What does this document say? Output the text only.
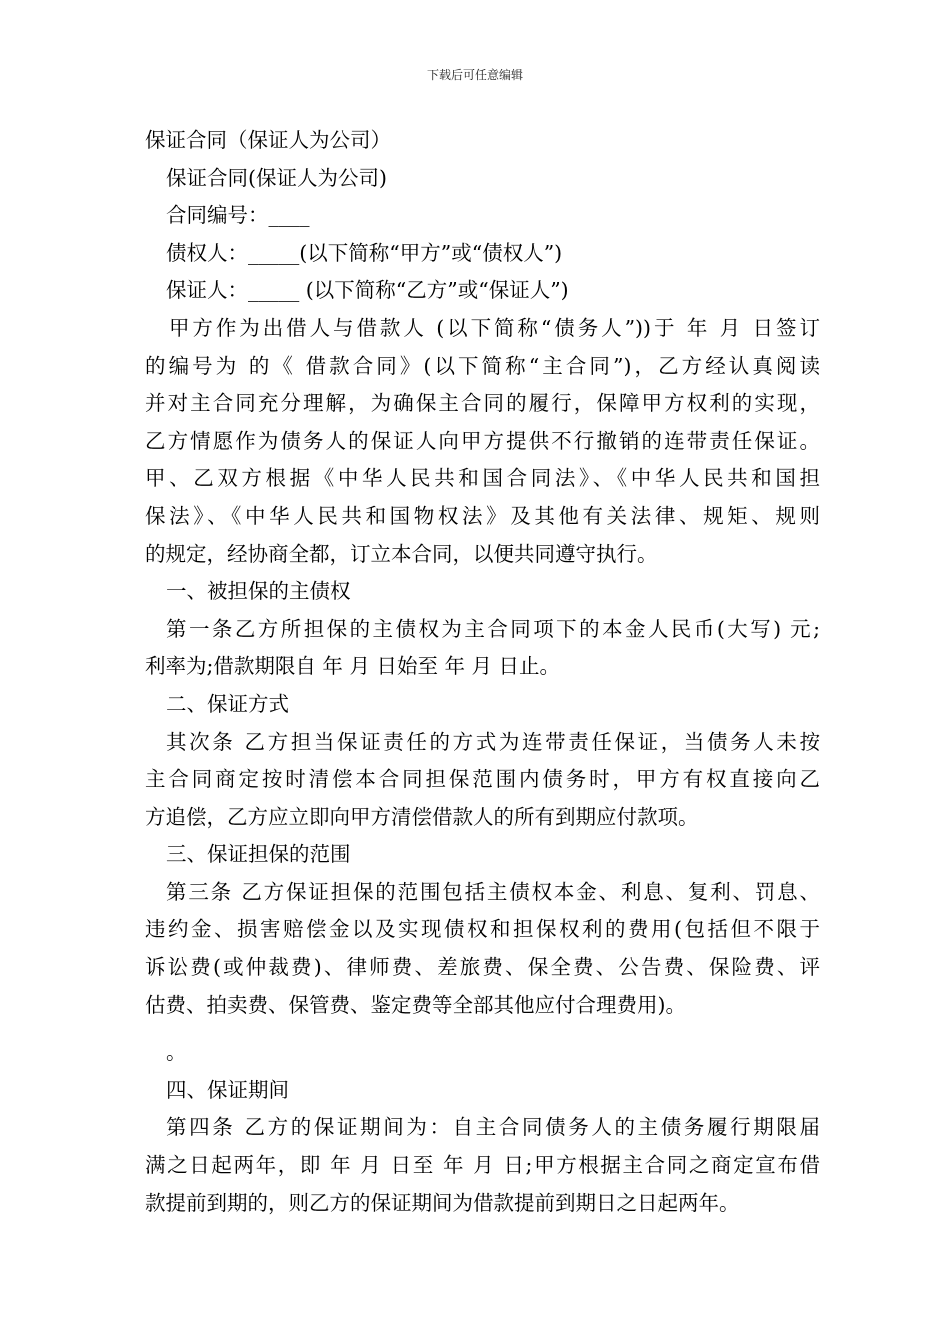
下载后可任意编辑
保证合同（保证人为公司）
保证合同(保证人为公司)
合同编号：____
债权人：_____(以下简称“甲方”或“债权人”)
保证人：_____ (以下简称“乙方”或“保证人”)
甲方作为出借人与借款人 (以下简称“债务人”))于 年 月 日签订
的编号为 的《 借款合同》(以下简称“主合同”)，乙方经认真阅读
并对主合同充分理解，为确保主合同的履行，保障甲方权利的实现，
乙方情愿作为债务人的保证人向甲方提供不行撤销的连带责任保证。
甲、乙双方根据《中华人民共和国合同法》、《中华人民共和国担
保法》、《中华人民共和国物权法》及其他有关法律、规矩、规则
的规定，经协商全都，订立本合同，以便共同遵守执行。
一、被担保的主债权
第一条乙方所担保的主债权为主合同项下的本金人民币(大写) 元;
利率为;借款期限自 年 月 日始至 年 月 日止。
二、保证方式
其次条 乙方担当保证责任的方式为连带责任保证，当债务人未按
主合同商定按时清偿本合同担保范围内债务时，甲方有权直接向乙
方追偿，乙方应立即向甲方清偿借款人的所有到期应付款项。
三、保证担保的范围
第三条 乙方保证担保的范围包括主债权本金、利息、复利、罚息、
违约金、损害赔偿金以及实现债权和担保权利的费用(包括但不限于
诉讼费(或仲裁费)、律师费、差旅费、保全费、公告费、保险费、评
估费、拍卖费、保管费、鉴定费等全部其他应付合理费用)。
。
四、保证期间
第四条 乙方的保证期间为：自主合同债务人的主债务履行期限届
满之日起两年，即 年 月 日至 年 月 日;甲方根据主合同之商定宣布借
款提前到期的，则乙方的保证期间为借款提前到期日之日起两年。
